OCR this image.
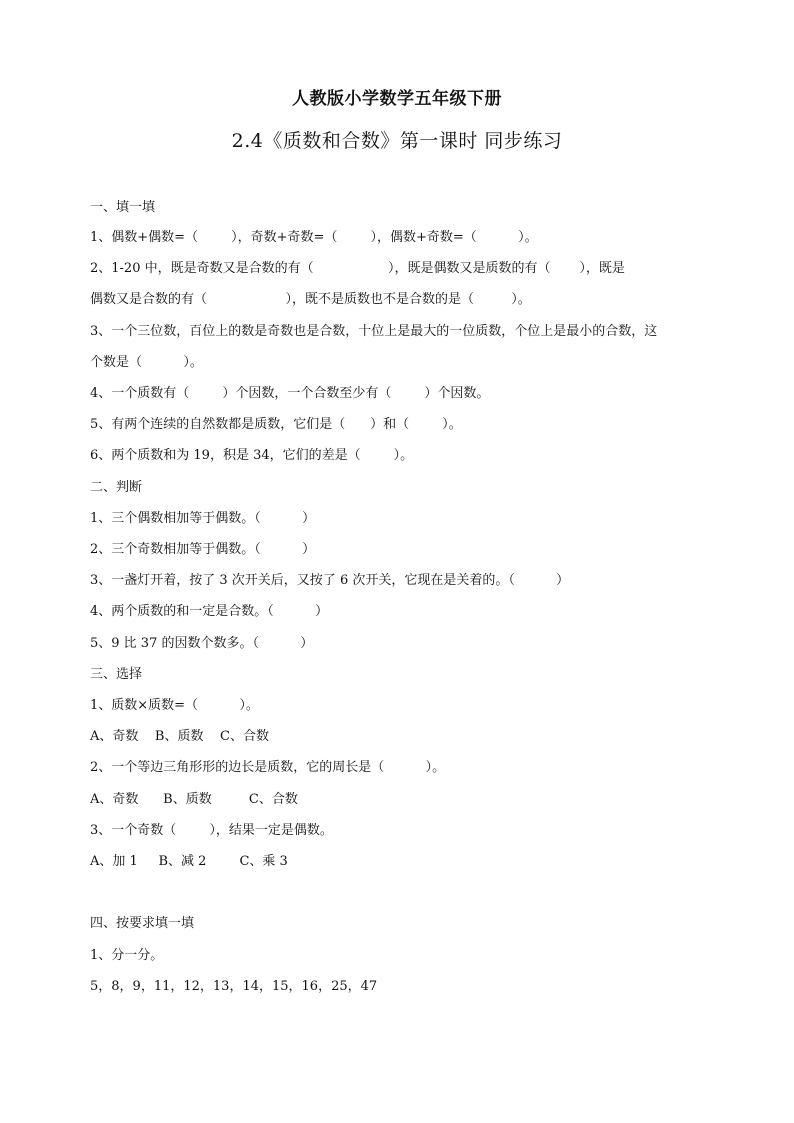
人教版小学数学五年级下册
2.4《质数和合数》第一课时 同步练习
一、填一填
1、偶数+偶数=（        ），奇数+奇数=（        ），偶数+奇数=（          ）。
2、1-20 中，既是奇数又是合数的有（                  ），既是偶数又是质数的有（       ），既是
偶数又是合数的有（                   ），既不是质数也不是合数的是（         ）。
3、一个三位数，百位上的数是奇数也是合数，十位上是最大的一位质数，个位上是最小的合数，这
个数是（          ）。
4、一个质数有（        ）个因数，一个合数至少有（        ）个因数。
5、有两个连续的自然数都是质数，它们是（      ）和（        ）。
6、两个质数和为 19，积是 34，它们的差是（        ）。
二、判断
1、三个偶数相加等于偶数。（          ）
2、三个奇数相加等于偶数。（          ）
3、一盏灯开着，按了 3 次开关后，又按了 6 次开关，它现在是关着的。（          ）
4、两个质数的和一定是合数。（          ）
5、9 比 37 的因数个数多。（          ）
三、选择
1、质数×质数=（          ）。
A、奇数    B、质数    C、合数
2、一个等边三角形形的边长是质数，它的周长是（          ）。
A、奇数      B、质数         C、合数
3、一个奇数（        ），结果一定是偶数。
A、加 1     B、减 2        C、乘 3
四、按要求填一填
1、分一分。
5，8，9，11，12，13，14，15，16，25，47
